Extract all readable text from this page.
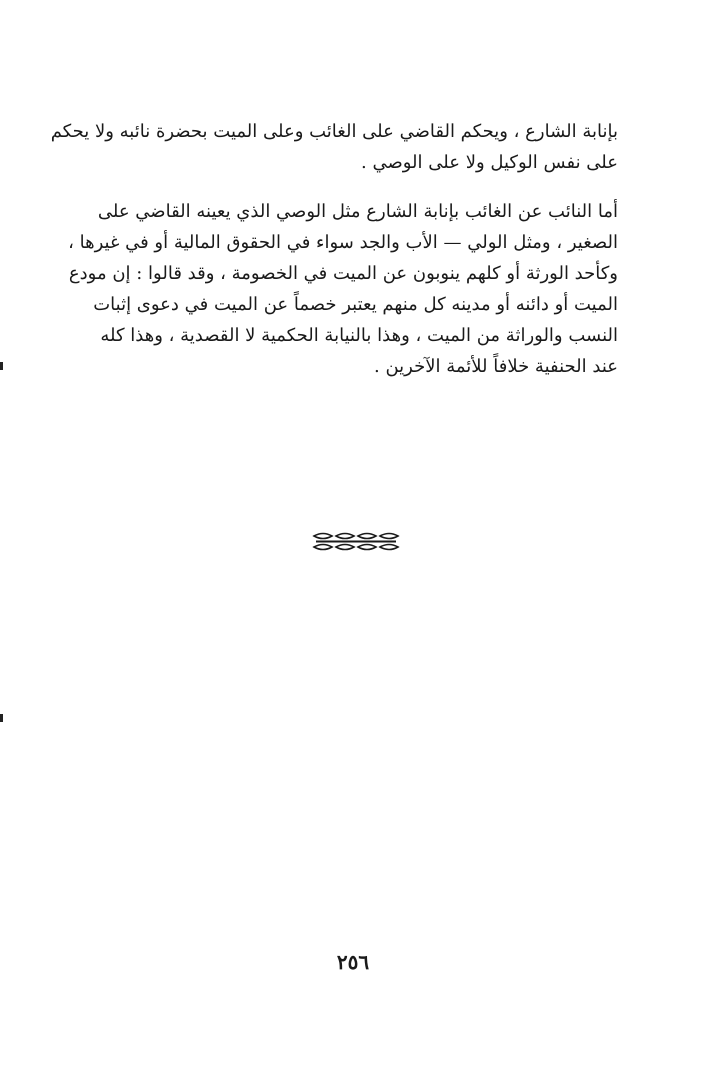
بإنابة الشارع ، ويحكم القاضي على الغائب وعلى الميت بحضرة نائبه ولا يحكم
على نفس الوكيل ولا على الوصي .
أما النائب عن الغائب بإنابة الشارع مثل الوصي الذي يعينه القاضي على
الصغير ، ومثل الولي — الأب والجد سواء في الحقوق المالية أو في غيرها ،
وكأحد الورثة أو كلهم ينوبون عن الميت في الخصومة ، وقد قالوا : إن مودع
الميت أو دائنه أو مدينه كل منهم يعتبر خصماً عن الميت في دعوى إثبات
النسب والوراثة من الميت ، وهذا بالنيابة الحكمية لا القصدية ، وهذا كله
عند الحنفية خلافاً للأئمة الآخرين .
٢٥٦
